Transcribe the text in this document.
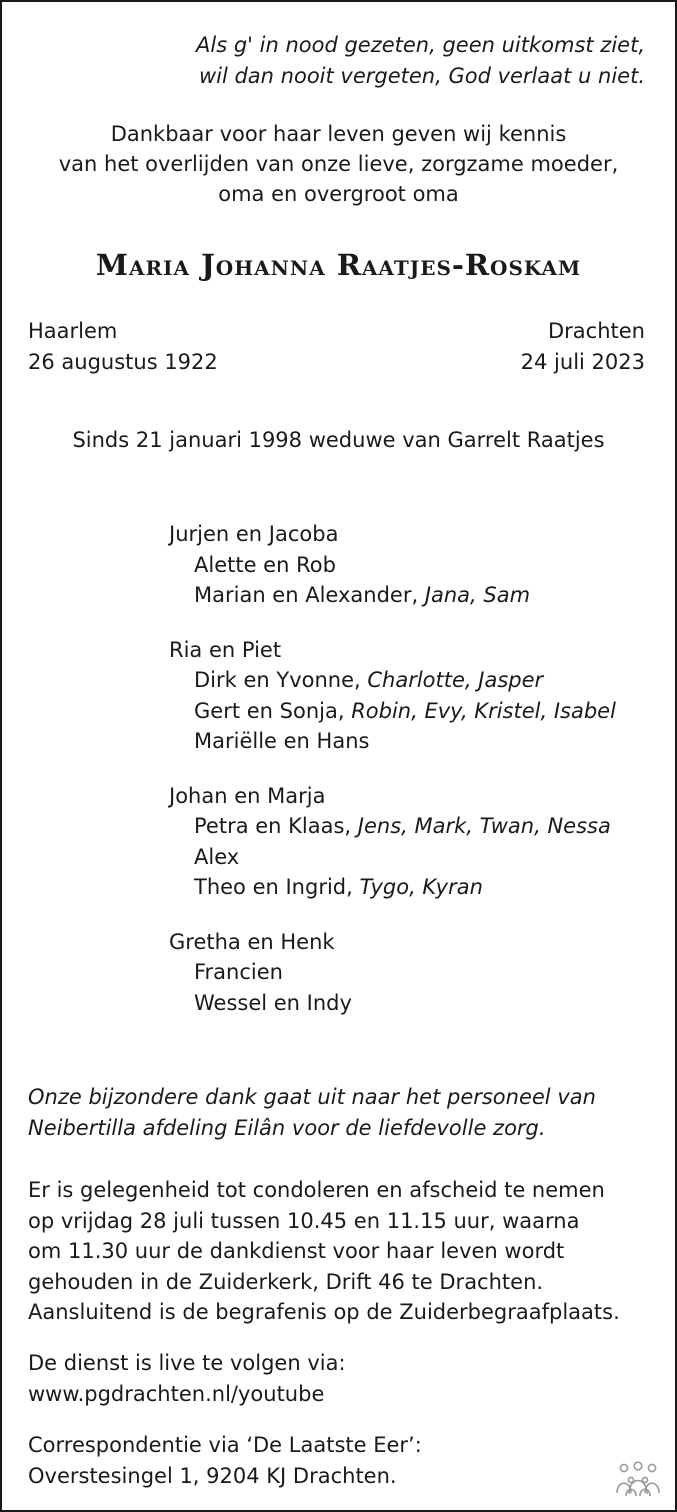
Als g' in nood gezeten, geen uitkomst ziet,
wil dan nooit vergeten, God verlaat u niet.
Dankbaar voor haar leven geven wij kennis
van het overlijden van onze lieve, zorgzame moeder,
oma en overgroot oma
Maria Johanna Raatjes-Roskam
Haarlem
26 augustus 1922
Drachten
24 juli 2023
Sinds 21 januari 1998 weduwe van Garrelt Raatjes
Jurjen en Jacoba
Alette en Rob
Marian en Alexander, Jana, Sam
Ria en Piet
Dirk en Yvonne, Charlotte, Jasper
Gert en Sonja, Robin, Evy, Kristel, Isabel
Mariëlle en Hans
Johan en Marja
Petra en Klaas, Jens, Mark, Twan, Nessa
Alex
Theo en Ingrid, Tygo, Kyran
Gretha en Henk
Francien
Wessel en Indy
Onze bijzondere dank gaat uit naar het personeel van
Neibertilla afdeling Eilân voor de liefdevolle zorg.
Er is gelegenheid tot condoleren en afscheid te nemen
op vrijdag 28 juli tussen 10.45 en 11.15 uur, waarna
om 11.30 uur de dankdienst voor haar leven wordt
gehouden in de Zuiderkerk, Drift 46 te Drachten.
Aansluitend is de begrafenis op de Zuiderbegraafplaats.
De dienst is live te volgen via:
www.pgdrachten.nl/youtube
Correspondentie via ‘De Laatste Eer’:
Overstesingel 1, 9204 KJ Drachten.
